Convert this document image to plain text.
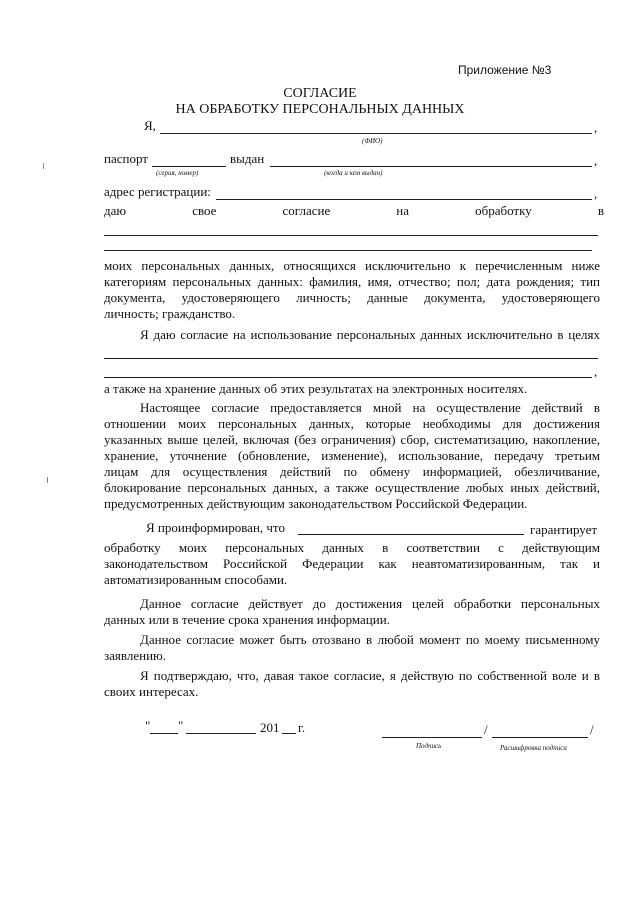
Приложение №3
СОГЛАСИЕ
НА ОБРАБОТКУ ПЕРСОНАЛЬНЫХ ДАННЫХ
Я,	,
(ФИО)
паспорт	выдан	,
(серия, номер)	(когда и кем выдан)
адрес регистрации:	,
даю	свое	согласие	на	обработку	в
моих персональных данных, относящихся исключительно к перечисленным ниже
категориям персональных данных: фамилия, имя, отчество; пол; дата рождения; тип
документа, удостоверяющего личность; данные документа, удостоверяющего
личность; гражданство.
Я даю согласие на использование персональных данных исключительно в целях
,
а также на хранение данных об этих результатах на электронных носителях.
Настоящее согласие предоставляется мной на осуществление действий в
отношении моих персональных данных, которые необходимы для достижения
указанных выше целей, включая (без ограничения) сбор, систематизацию, накопление,
хранение, уточнение (обновление, изменение), использование, передачу третьим
лицам для осуществления действий по обмену информацией, обезличивание,
блокирование персональных данных, а также осуществление любых иных действий,
предусмотренных действующим законодательством Российской Федерации.
Я проинформирован, что	гарантирует
обработку моих персональных данных в соответствии с действующим
законодательством Российской Федерации как неавтоматизированным, так и
автоматизированным способами.
Данное согласие действует до достижения целей обработки персональных
данных или в течение срока хранения информации.
Данное согласие может быть отозвано в любой момент по моему письменному
заявлению.
Я подтверждаю, что, давая такое согласие, я действую по собственной воле и в
своих интересах.
" "	201 г.	/	/
Подпись	Расшифровка подписи
